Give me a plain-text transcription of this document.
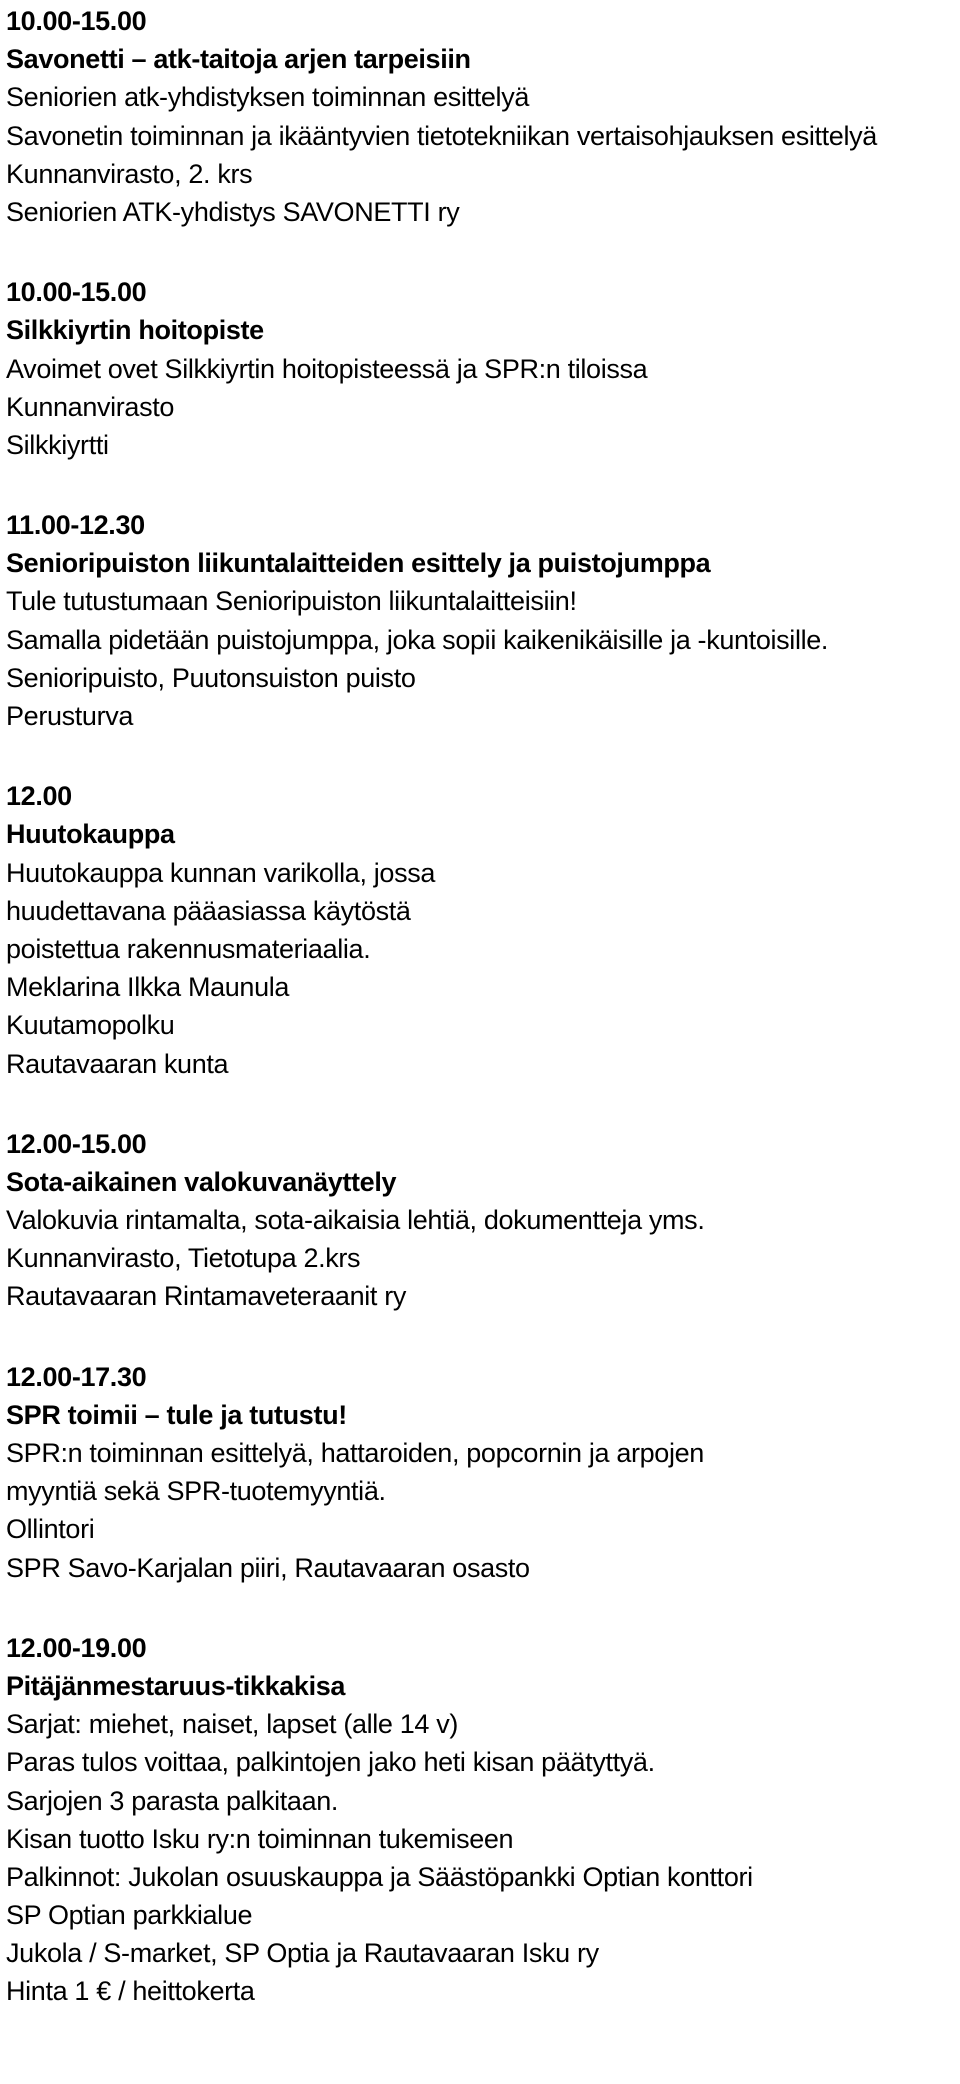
10.00-15.00
Savonetti – atk-taitoja arjen tarpeisiin
Seniorien atk-yhdistyksen toiminnan esittelyä
Savonetin toiminnan ja ikääntyvien tietotekniikan vertaisohjauksen esittelyä
Kunnanvirasto, 2. krs
Seniorien ATK-yhdistys SAVONETTI ry
10.00-15.00
Silkkiyrtin hoitopiste
Avoimet ovet Silkkiyrtin hoitopisteessä ja SPR:n tiloissa
Kunnanvirasto
Silkkiyrtti
11.00-12.30
Senioripuiston liikuntalaitteiden esittely ja puistojumppa
Tule tutustumaan Senioripuiston liikuntalaitteisiin!
Samalla pidetään puistojumppa, joka sopii kaikenikäisille ja -kuntoisille.
Senioripuisto, Puutonsuiston puisto
Perusturva
12.00
Huutokauppa
Huutokauppa kunnan varikolla, jossa
huudettavana pääasiassa käytöstä
poistettua rakennusmateriaalia.
Meklarina Ilkka Maunula
Kuutamopolku
Rautavaaran kunta
12.00-15.00
Sota-aikainen valokuvanäyttely
Valokuvia rintamalta, sota-aikaisia lehtiä, dokumentteja yms.
Kunnanvirasto, Tietotupa 2.krs
Rautavaaran Rintamaveteraanit ry
12.00-17.30
SPR toimii – tule ja tutustu!
SPR:n toiminnan esittelyä, hattaroiden, popcornin ja arpojen
myyntiä sekä SPR-tuotemyyntiä.
Ollintori
SPR Savo-Karjalan piiri, Rautavaaran osasto
12.00-19.00
Pitäjänmestaruus-tikkakisa
Sarjat: miehet, naiset, lapset (alle 14 v)
Paras tulos voittaa, palkintojen jako heti kisan päätyttyä.
Sarjojen 3 parasta palkitaan.
Kisan tuotto Isku ry:n toiminnan tukemiseen
Palkinnot: Jukolan osuuskauppa ja Säästöpankki Optian konttori
SP Optian parkkialue
Jukola / S-market, SP Optia ja Rautavaaran Isku ry
Hinta 1 € / heittokerta
